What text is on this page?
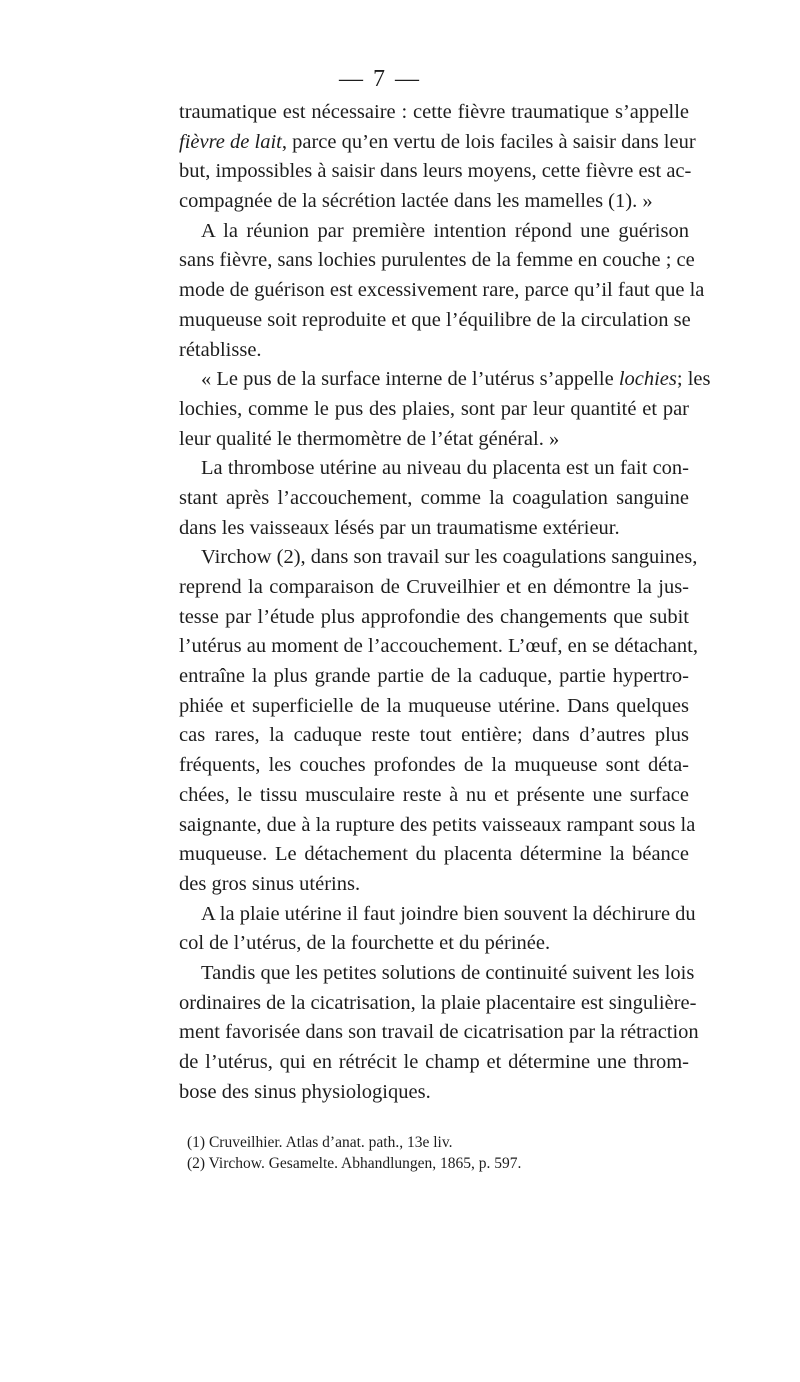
— 7 —
traumatique est nécessaire : cette fièvre traumatique s’appelle
fièvre de lait, parce qu’en vertu de lois faciles à saisir dans leur
but, impossibles à saisir dans leurs moyens, cette fièvre est ac-
compagnée de la sécrétion lactée dans les mamelles (1). »
A la réunion par première intention répond une guérison
sans fièvre, sans lochies purulentes de la femme en couche ; ce
mode de guérison est excessivement rare, parce qu’il faut que la
muqueuse soit reproduite et que l’équilibre de la circulation se
rétablisse.
« Le pus de la surface interne de l’utérus s’appelle lochies; les
lochies, comme le pus des plaies, sont par leur quantité et par
leur qualité le thermomètre de l’état général. »
La thrombose utérine au niveau du placenta est un fait con-
stant après l’accouchement, comme la coagulation sanguine
dans les vaisseaux lésés par un traumatisme extérieur.
Virchow (2), dans son travail sur les coagulations sanguines,
reprend la comparaison de Cruveilhier et en démontre la jus-
tesse par l’étude plus approfondie des changements que subit
l’utérus au moment de l’accouchement. L’œuf, en se détachant,
entraîne la plus grande partie de la caduque, partie hypertro-
phiée et superficielle de la muqueuse utérine. Dans quelques
cas rares, la caduque reste tout entière; dans d’autres plus
fréquents, les couches profondes de la muqueuse sont déta-
chées, le tissu musculaire reste à nu et présente une surface
saignante, due à la rupture des petits vaisseaux rampant sous la
muqueuse. Le détachement du placenta détermine la béance
des gros sinus utérins.
A la plaie utérine il faut joindre bien souvent la déchirure du
col de l’utérus, de la fourchette et du périnée.
Tandis que les petites solutions de continuité suivent les lois
ordinaires de la cicatrisation, la plaie placentaire est singulière-
ment favorisée dans son travail de cicatrisation par la rétraction
de l’utérus, qui en rétrécit le champ et détermine une throm-
bose des sinus physiologiques.
(1) Cruveilhier. Atlas d’anat. path., 13e liv.
(2) Virchow. Gesamelte. Abhandlungen, 1865, p. 597.
